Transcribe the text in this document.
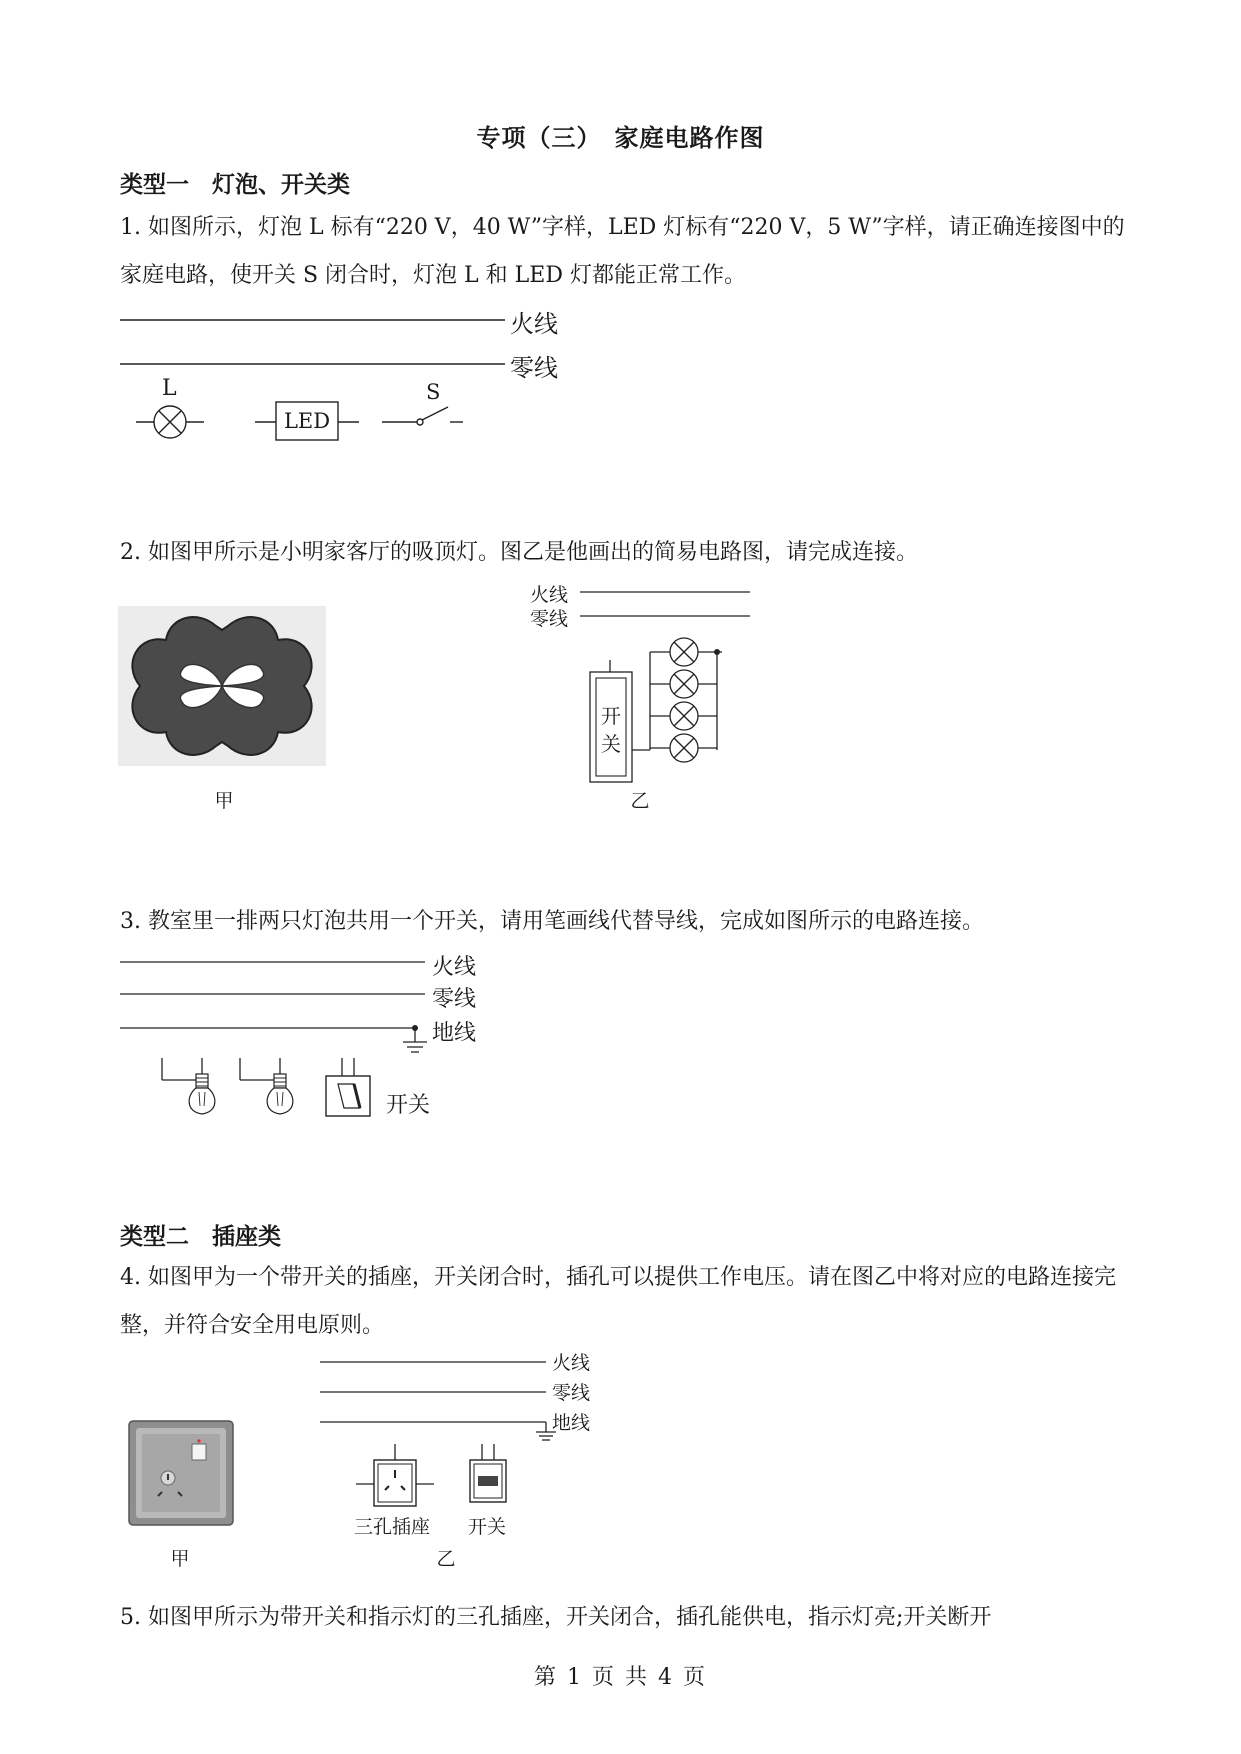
专项（三）　家庭电路作图
类型一　灯泡、开关类
1. 如图所示，灯泡 L 标有“220 V，40 W”字样，LED 灯标有“220 V，5 W”字样，请正确连接图中的家庭电路，使开关 S 闭合时，灯泡 L 和 LED 灯都能正常工作。
火线
零线
L
LED
S
2. 如图甲所示是小明家客厅的吸顶灯。图乙是他画出的简易电路图，请完成连接。
甲
火线
零线
开
关
乙
3. 教室里一排两只灯泡共用一个开关，请用笔画线代替导线，完成如图所示的电路连接。
火线
零线
地线
开关
类型二　插座类
4. 如图甲为一个带开关的插座，开关闭合时，插孔可以提供工作电压。请在图乙中将对应的电路连接完整，并符合安全用电原则。
甲
火线
零线
地线
三孔插座 开关
乙
5. 如图甲所示为带开关和指示灯的三孔插座，开关闭合，插孔能供电，指示灯亮;开关断开
第 1 页 共 4 页
